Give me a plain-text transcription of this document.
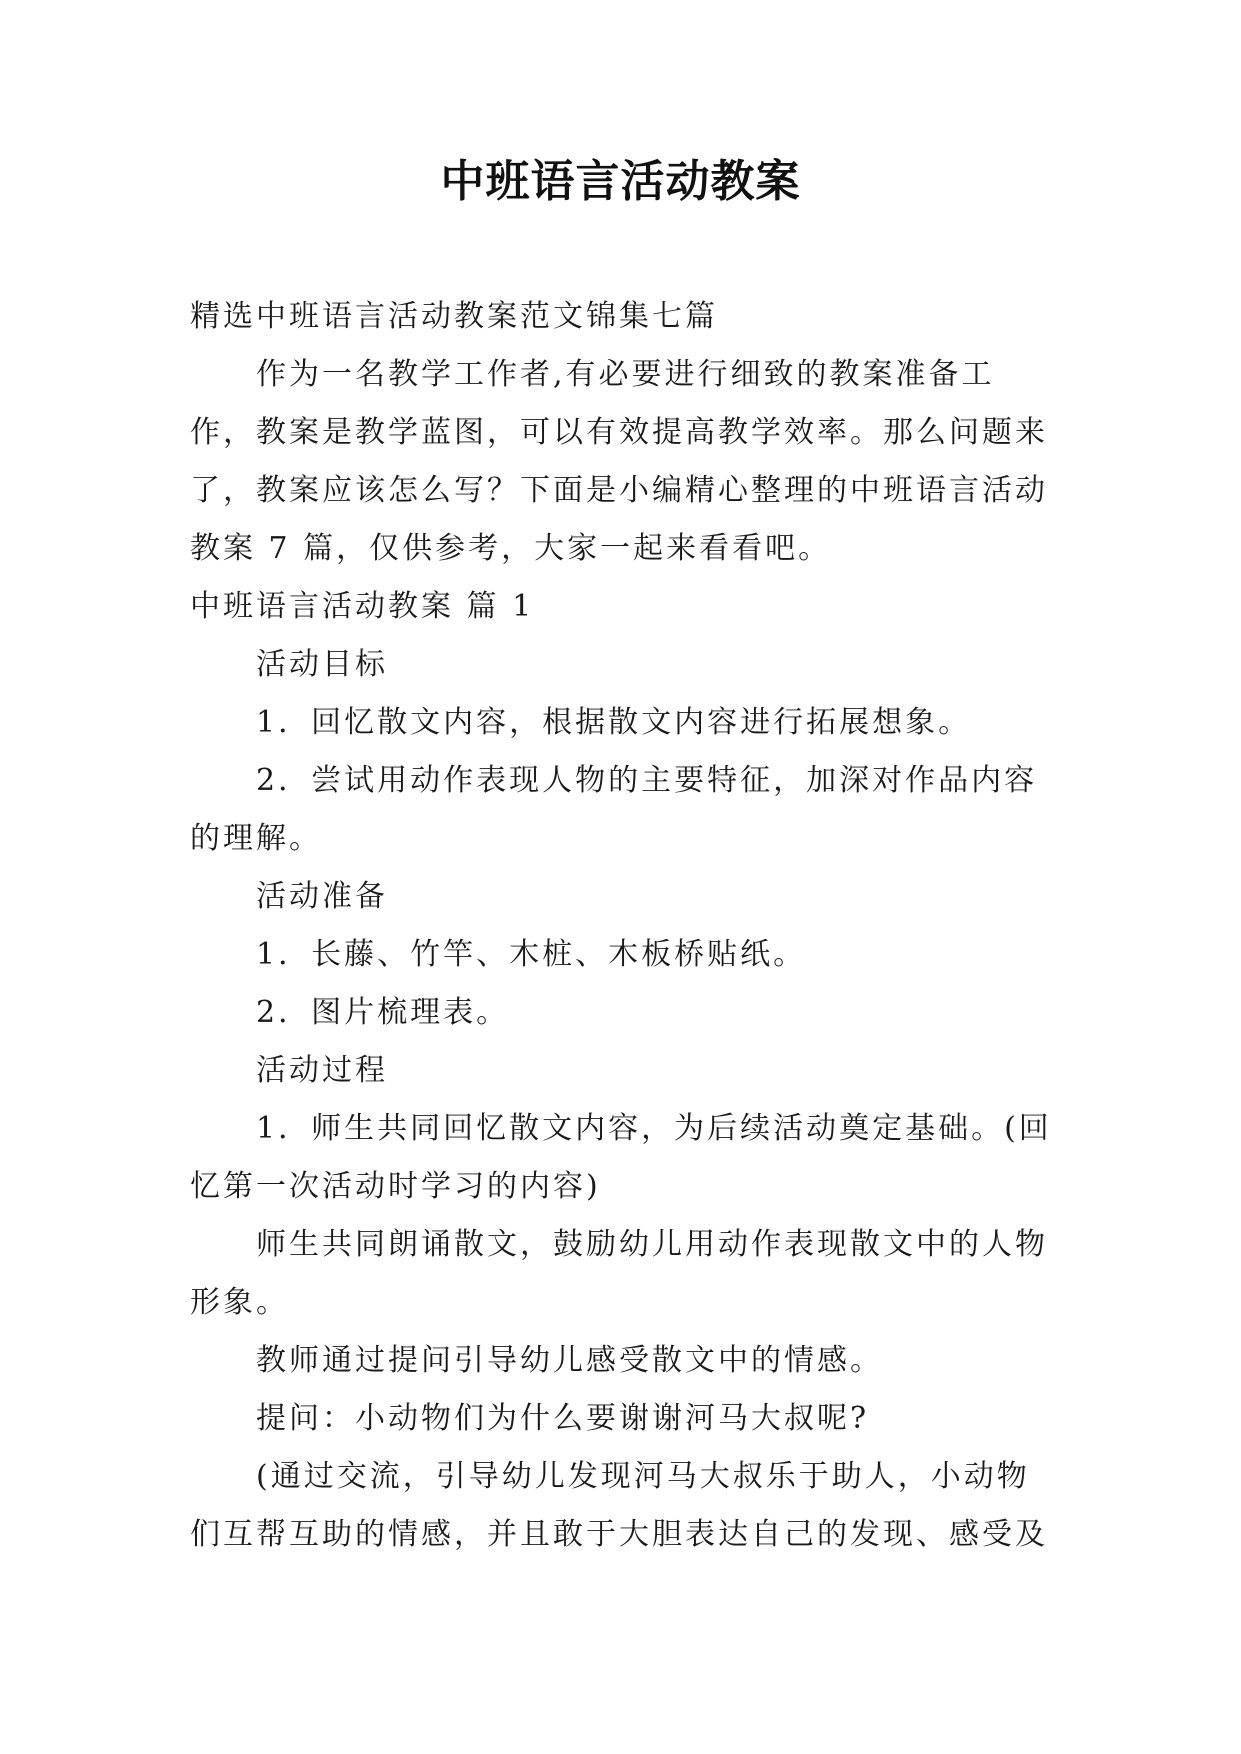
中班语言活动教案

精选中班语言活动教案范文锦集七篇

作为一名教学工作者,有必要进行细致的教案准备工作，教案是教学蓝图，可以有效提高教学效率。那么问题来了，教案应该怎么写？下面是小编精心整理的中班语言活动教案 7 篇，仅供参考，大家一起来看看吧。

中班语言活动教案 篇 1

活动目标

1．回忆散文内容，根据散文内容进行拓展想象。

2．尝试用动作表现人物的主要特征，加深对作品内容的理解。

活动准备

1．长藤、竹竿、木桩、木板桥贴纸。

2．图片梳理表。

活动过程

1．师生共同回忆散文内容，为后续活动奠定基础。(回忆第一次活动时学习的内容)

师生共同朗诵散文，鼓励幼儿用动作表现散文中的人物形象。

教师通过提问引导幼儿感受散文中的情感。

提问：小动物们为什么要谢谢河马大叔呢?

(通过交流，引导幼儿发现河马大叔乐于助人，小动物们互帮互助的情感，并且敢于大胆表达自己的发现、感受及
